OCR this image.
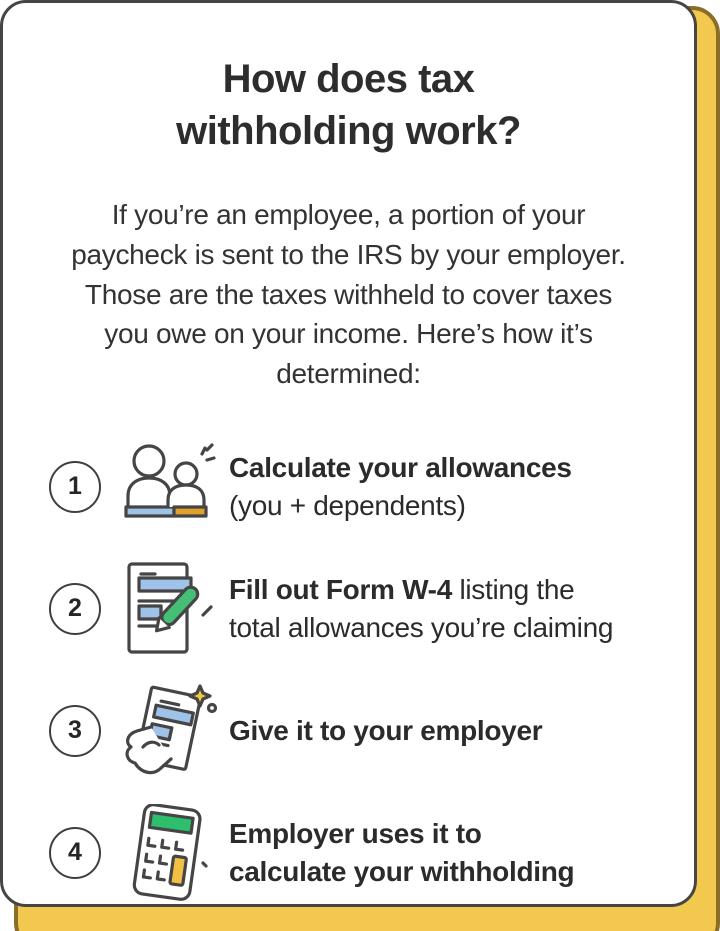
How does tax withholding work?
If you’re an employee, a portion of your paycheck is sent to the IRS by your employer. Those are the taxes withheld to cover taxes you owe on your income. Here’s how it’s determined:
1
Calculate your allowances
(you + dependents)
2
Fill out Form W-4 listing the
total allowances you’re claiming
3	Give it to your employer
4
Employer uses it to
calculate your withholding
